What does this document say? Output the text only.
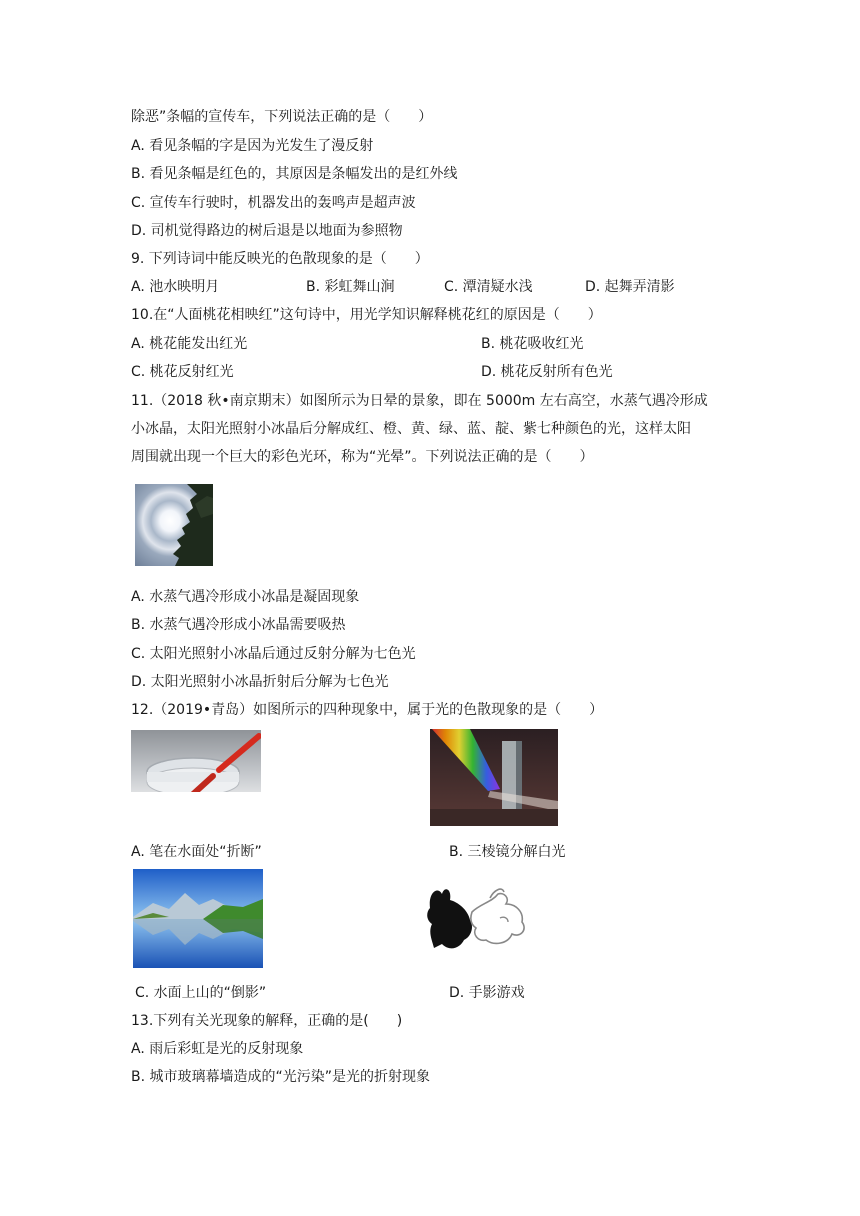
除恶”条幅的宣传车，下列说法正确的是（　　）
A. 看见条幅的字是因为光发生了漫反射
B. 看见条幅是红色的，其原因是条幅发出的是红外线
C. 宣传车行驶时，机器发出的轰鸣声是超声波
D. 司机觉得路边的树后退是以地面为参照物
9. 下列诗词中能反映光的色散现象的是（　　）
A. 池水映明月	B. 彩虹舞山涧	C. 潭清疑水浅	D. 起舞弄清影
10.在“人面桃花相映红”这句诗中，用光学知识解释桃花红的原因是（　　）
A. 桃花能发出红光	B. 桃花吸收红光
C. 桃花反射红光	D. 桃花反射所有色光
11.（2018 秋•南京期末）如图所示为日晕的景象，即在 5000m 左右高空，水蒸气遇冷形成
小冰晶，太阳光照射小冰晶后分解成红、橙、黄、绿、蓝、靛、紫七种颜色的光，这样太阳
周围就出现一个巨大的彩色光环，称为“光晕”。下列说法正确的是（　　）
A. 水蒸气遇冷形成小冰晶是凝固现象
B. 水蒸气遇冷形成小冰晶需要吸热
C. 太阳光照射小冰晶后通过反射分解为七色光
D. 太阳光照射小冰晶折射后分解为七色光
12.（2019•青岛）如图所示的四种现象中，属于光的色散现象的是（　　）
A. 笔在水面处“折断”	B. 三棱镜分解白光
C. 水面上山的“倒影”	D. 手影游戏
13.下列有关光现象的解释，正确的是(　　)
A. 雨后彩虹是光的反射现象
B. 城市玻璃幕墙造成的“光污染”是光的折射现象
